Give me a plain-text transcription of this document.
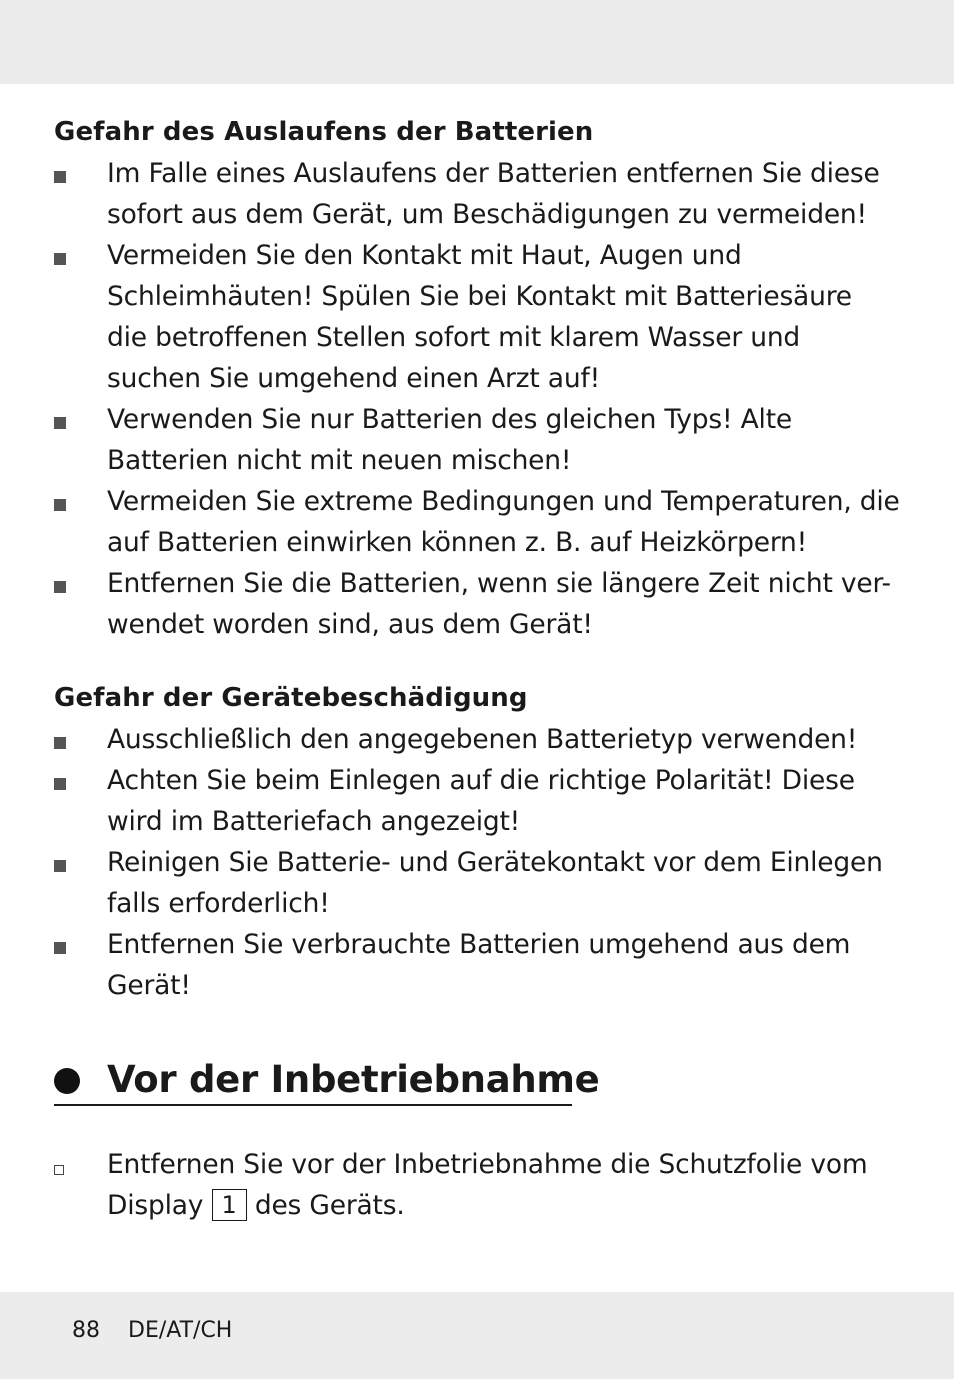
Gefahr des Auslaufens der Batterien
Im Falle eines Auslaufens der Batterien entfernen Sie diese sofort aus dem Gerät, um Beschädigungen zu vermeiden!
Vermeiden Sie den Kontakt mit Haut, Augen und Schleimhäuten! Spülen Sie bei Kontakt mit Batteriesäure die betroffenen Stellen sofort mit klarem Wasser und suchen Sie umgehend einen Arzt auf!
Verwenden Sie nur Batterien des gleichen Typs! Alte Batterien nicht mit neuen mischen!
Vermeiden Sie extreme Bedingungen und Temperaturen, die auf Batterien einwirken können z. B. auf Heizkörpern!
Entfernen Sie die Batterien, wenn sie längere Zeit nicht ver-wendet worden sind, aus dem Gerät!
Gefahr der Gerätebeschädigung
Ausschließlich den angegebenen Batterietyp verwenden!
Achten Sie beim Einlegen auf die richtige Polarität! Diese wird im Batteriefach angezeigt!
Reinigen Sie Batterie- und Gerätekontakt vor dem Einlegen falls erforderlich!
Entfernen Sie verbrauchte Batterien umgehend aus dem Gerät!
Vor der Inbetriebnahme
Entfernen Sie vor der Inbetriebnahme die Schutzfolie vom Display 1 des Geräts.
88 DE/AT/CH
